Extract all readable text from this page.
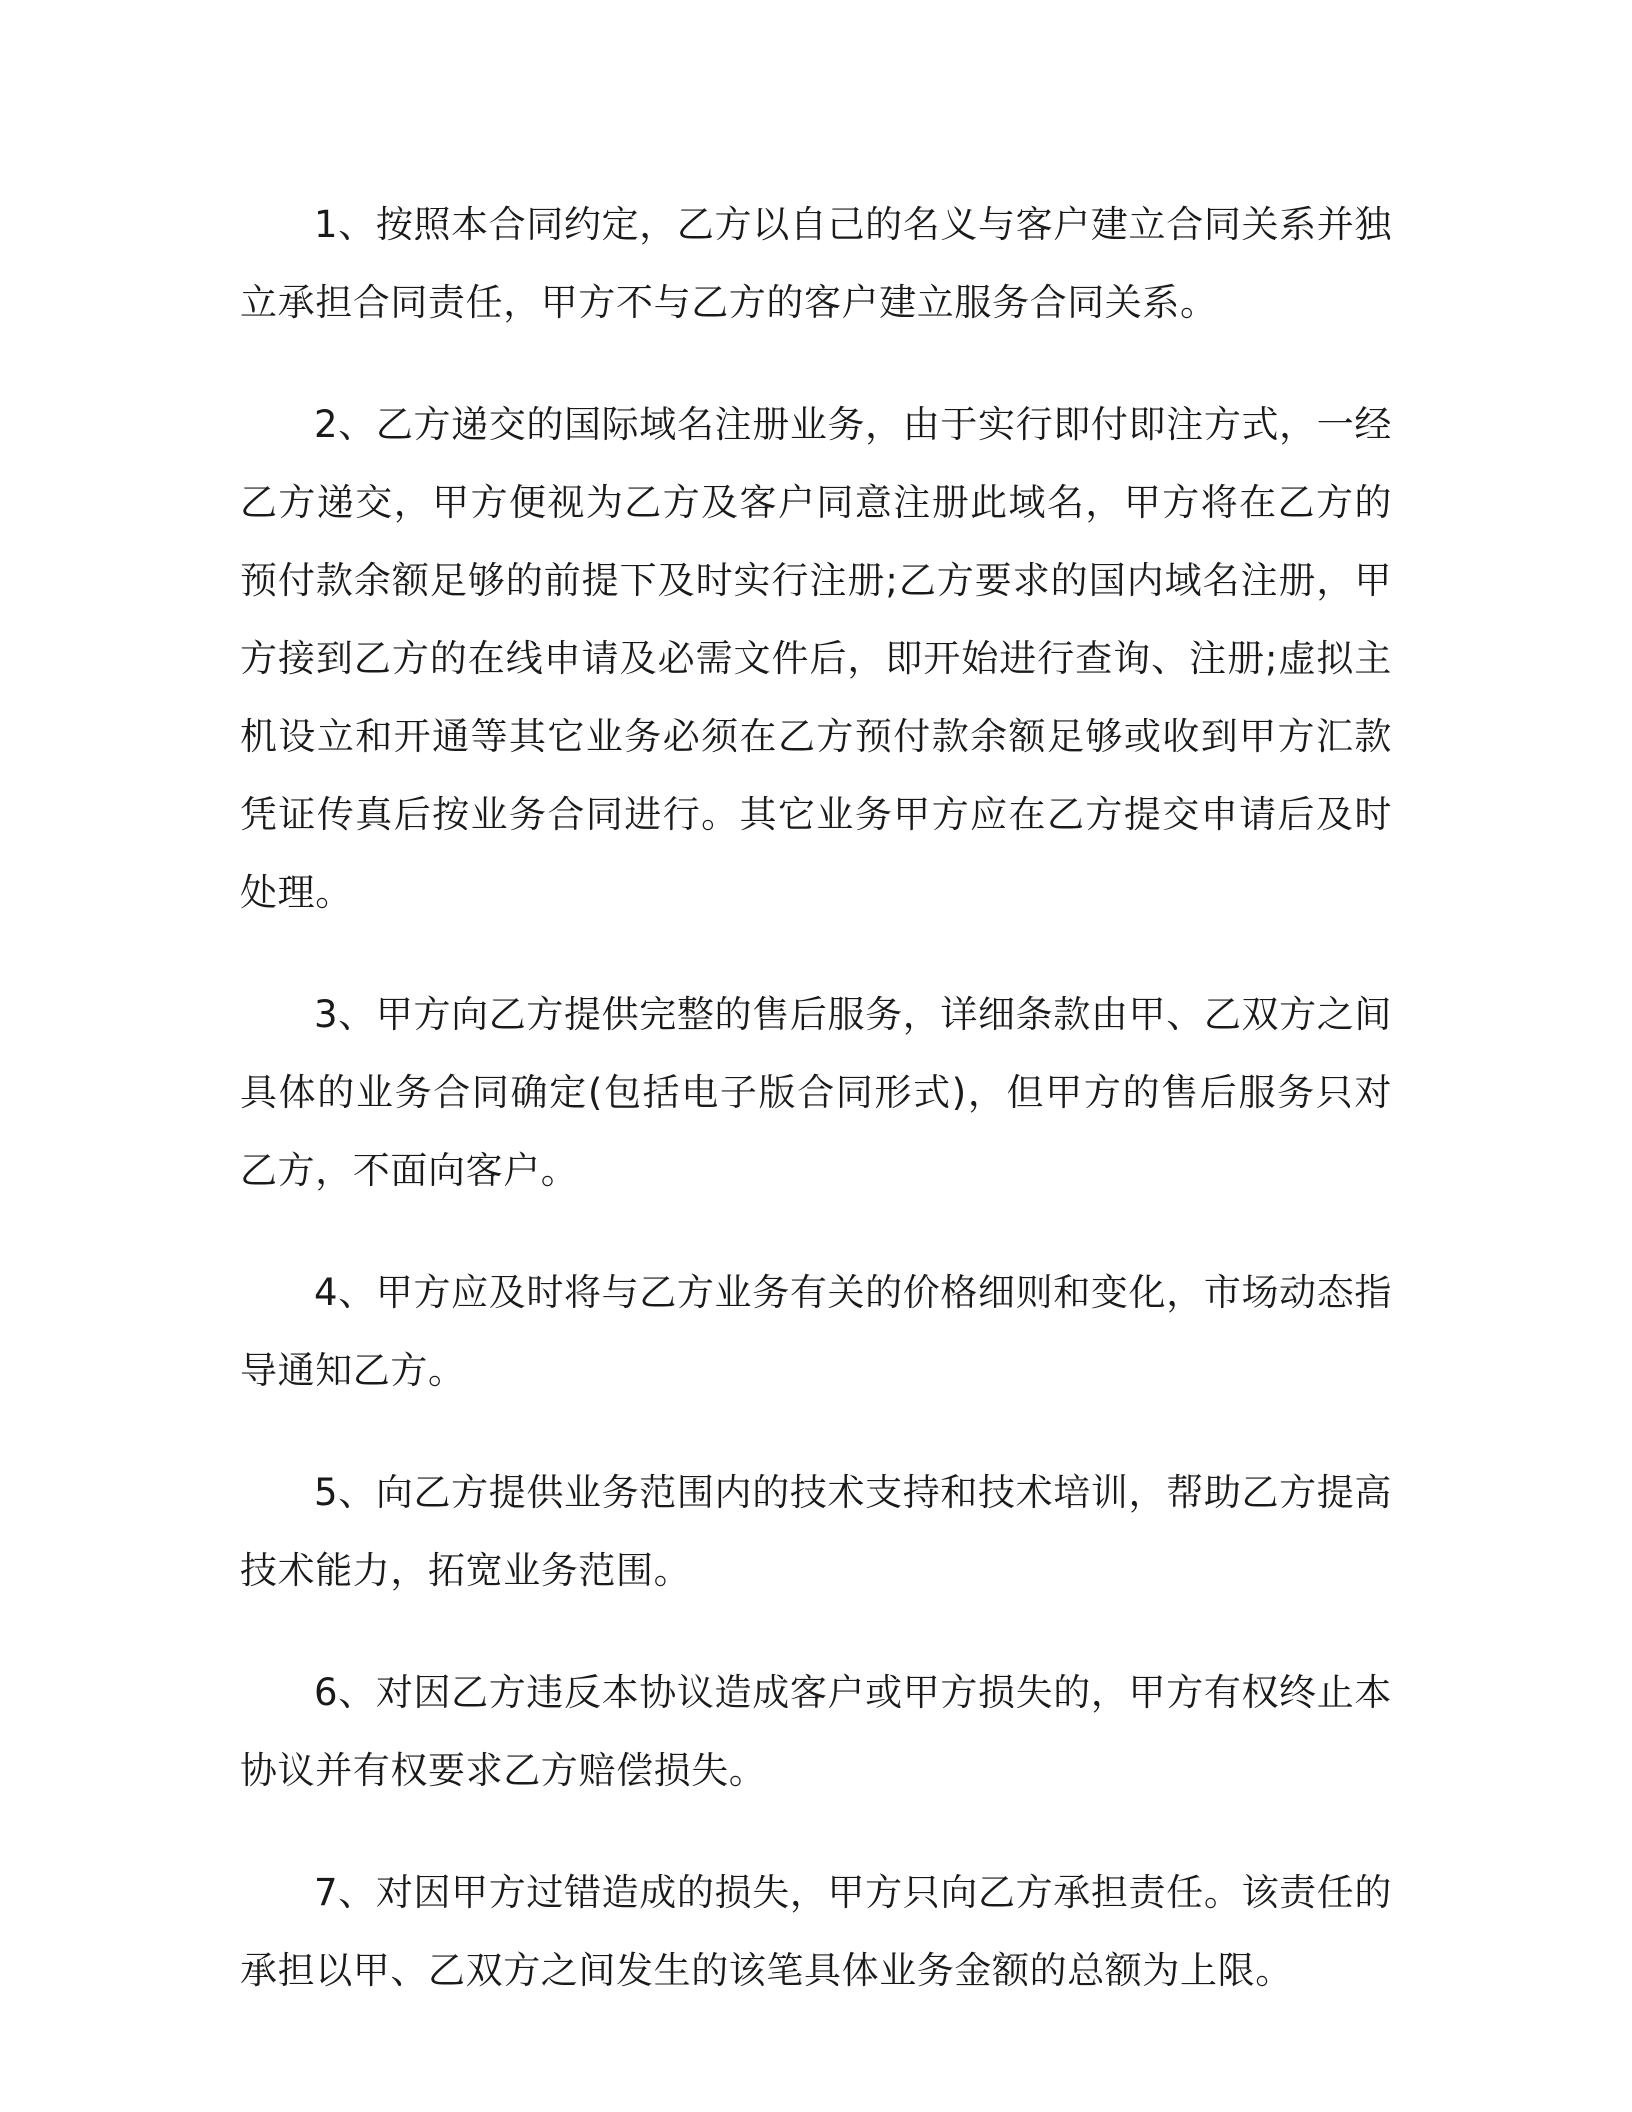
1、按照本合同约定，乙方以自己的名义与客户建立合同关系并独立承担合同责任，甲方不与乙方的客户建立服务合同关系。

2、乙方递交的国际域名注册业务，由于实行即付即注方式，一经乙方递交，甲方便视为乙方及客户同意注册此域名，甲方将在乙方的预付款余额足够的前提下及时实行注册;乙方要求的国内域名注册，甲方接到乙方的在线申请及必需文件后，即开始进行查询、注册;虚拟主机设立和开通等其它业务必须在乙方预付款余额足够或收到甲方汇款凭证传真后按业务合同进行。其它业务甲方应在乙方提交申请后及时处理。

3、甲方向乙方提供完整的售后服务，详细条款由甲、乙双方之间具体的业务合同确定(包括电子版合同形式)，但甲方的售后服务只对乙方，不面向客户。

4、甲方应及时将与乙方业务有关的价格细则和变化，市场动态指导通知乙方。

5、向乙方提供业务范围内的技术支持和技术培训，帮助乙方提高技术能力，拓宽业务范围。

6、对因乙方违反本协议造成客户或甲方损失的，甲方有权终止本协议并有权要求乙方赔偿损失。

7、对因甲方过错造成的损失，甲方只向乙方承担责任。该责任的承担以甲、乙双方之间发生的该笔具体业务金额的总额为上限。
